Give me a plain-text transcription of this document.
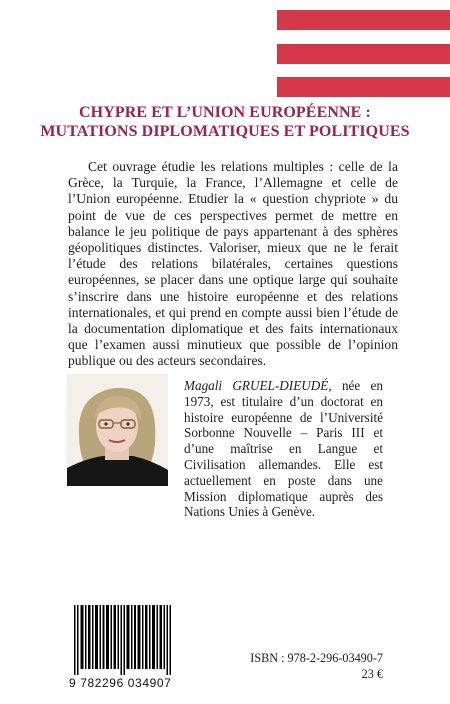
CHYPRE ET L’UNION EUROPÉENNE :
MUTATIONS DIPLOMATIQUES ET POLITIQUES

Cet ouvrage étudie les relations multiples : celle de la Grèce, la Turquie, la France, l’Allemagne et celle de l’Union européenne. Etudier la « question chypriote » du point de vue de ces perspectives permet de mettre en balance le jeu politique de pays appartenant à des sphères géopolitiques distinctes. Valoriser, mieux que ne le ferait l’étude des relations bilatérales, certaines questions européennes, se placer dans une optique large qui souhaite s’inscrire dans une histoire européenne et des relations internationales, et qui prend en compte aussi bien l’étude de la documentation diplomatique et des faits internationaux que l’examen aussi minutieux que possible de l’opinion publique ou des acteurs secondaires.

Magali GRUEL-DIEUDÉ, née en 1973, est titulaire d’un doctorat en histoire européenne de l’Université Sorbonne Nouvelle – Paris III et d’une maîtrise en Langue et Civilisation allemandes. Elle est actuellement en poste dans une Mission diplomatique auprès des Nations Unies à Genève.
9 782296 034907
ISBN : 978-2-296-03490-7
23 €
